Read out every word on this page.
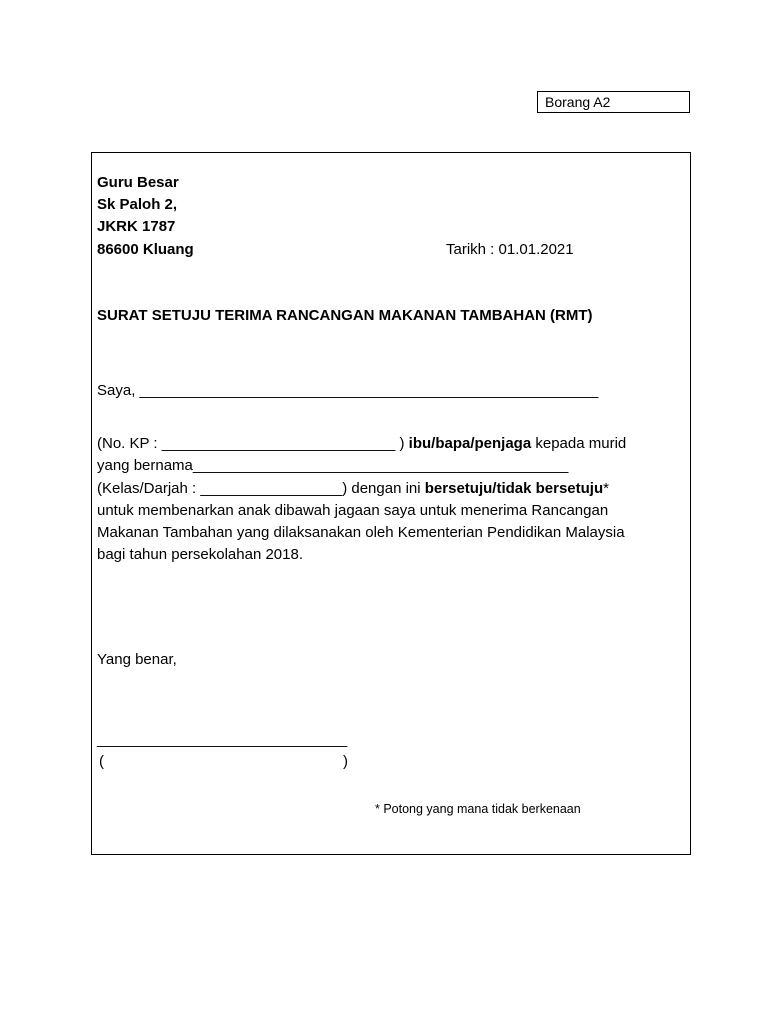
Borang A2
Guru Besar
Sk Paloh 2,
JKRK 1787
86600 Kluang	Tarikh : 01.01.2021
SURAT SETUJU TERIMA RANCANGAN MAKANAN TAMBAHAN (RMT)
Saya, _______________________________________________________
(No. KP : ____________________________ ) ibu/bapa/penjaga kepada murid
yang bernama_____________________________________________
(Kelas/Darjah : _________________) dengan ini bersetuju/tidak bersetuju*
untuk membenarkan anak dibawah jagaan saya untuk menerima Rancangan
Makanan Tambahan yang dilaksanakan oleh Kementerian Pendidikan Malaysia
bagi tahun persekolahan 2018.
Yang benar,
______________________________
(	)
* Potong yang mana tidak berkenaan
